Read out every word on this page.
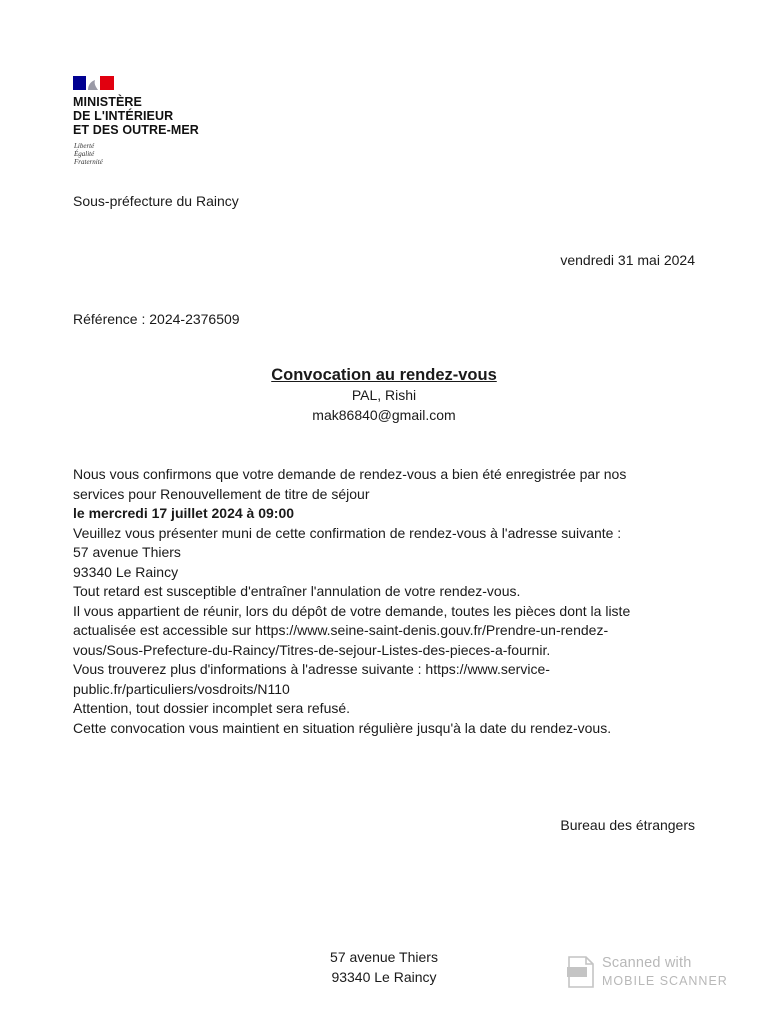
MINISTÈRE
DE L'INTÉRIEUR
ET DES OUTRE-MER
Liberté
Égalité
Fraternité
Sous-préfecture du Raincy
vendredi 31 mai 2024
Référence : 2024-2376509
Convocation au rendez-vous
PAL, Rishi
mak86840@gmail.com
Nous vous confirmons que votre demande de rendez-vous a bien été enregistrée par nos
services pour Renouvellement de titre de séjour
le mercredi 17 juillet 2024 à 09:00
Veuillez vous présenter muni de cette confirmation de rendez-vous à l'adresse suivante :
57 avenue Thiers
93340 Le Raincy
Tout retard est susceptible d'entraîner l'annulation de votre rendez-vous.
Il vous appartient de réunir, lors du dépôt de votre demande, toutes les pièces dont la liste
actualisée est accessible sur https://www.seine-saint-denis.gouv.fr/Prendre-un-rendez-
vous/Sous-Prefecture-du-Raincy/Titres-de-sejour-Listes-des-pieces-a-fournir.
Vous trouverez plus d'informations à l'adresse suivante : https://www.service-
public.fr/particuliers/vosdroits/N110
Attention, tout dossier incomplet sera refusé.
Cette convocation vous maintient en situation régulière jusqu'à la date du rendez-vous.
Bureau des étrangers
57 avenue Thiers
93340 Le Raincy
Scanned with
MOBILE SCANNER
